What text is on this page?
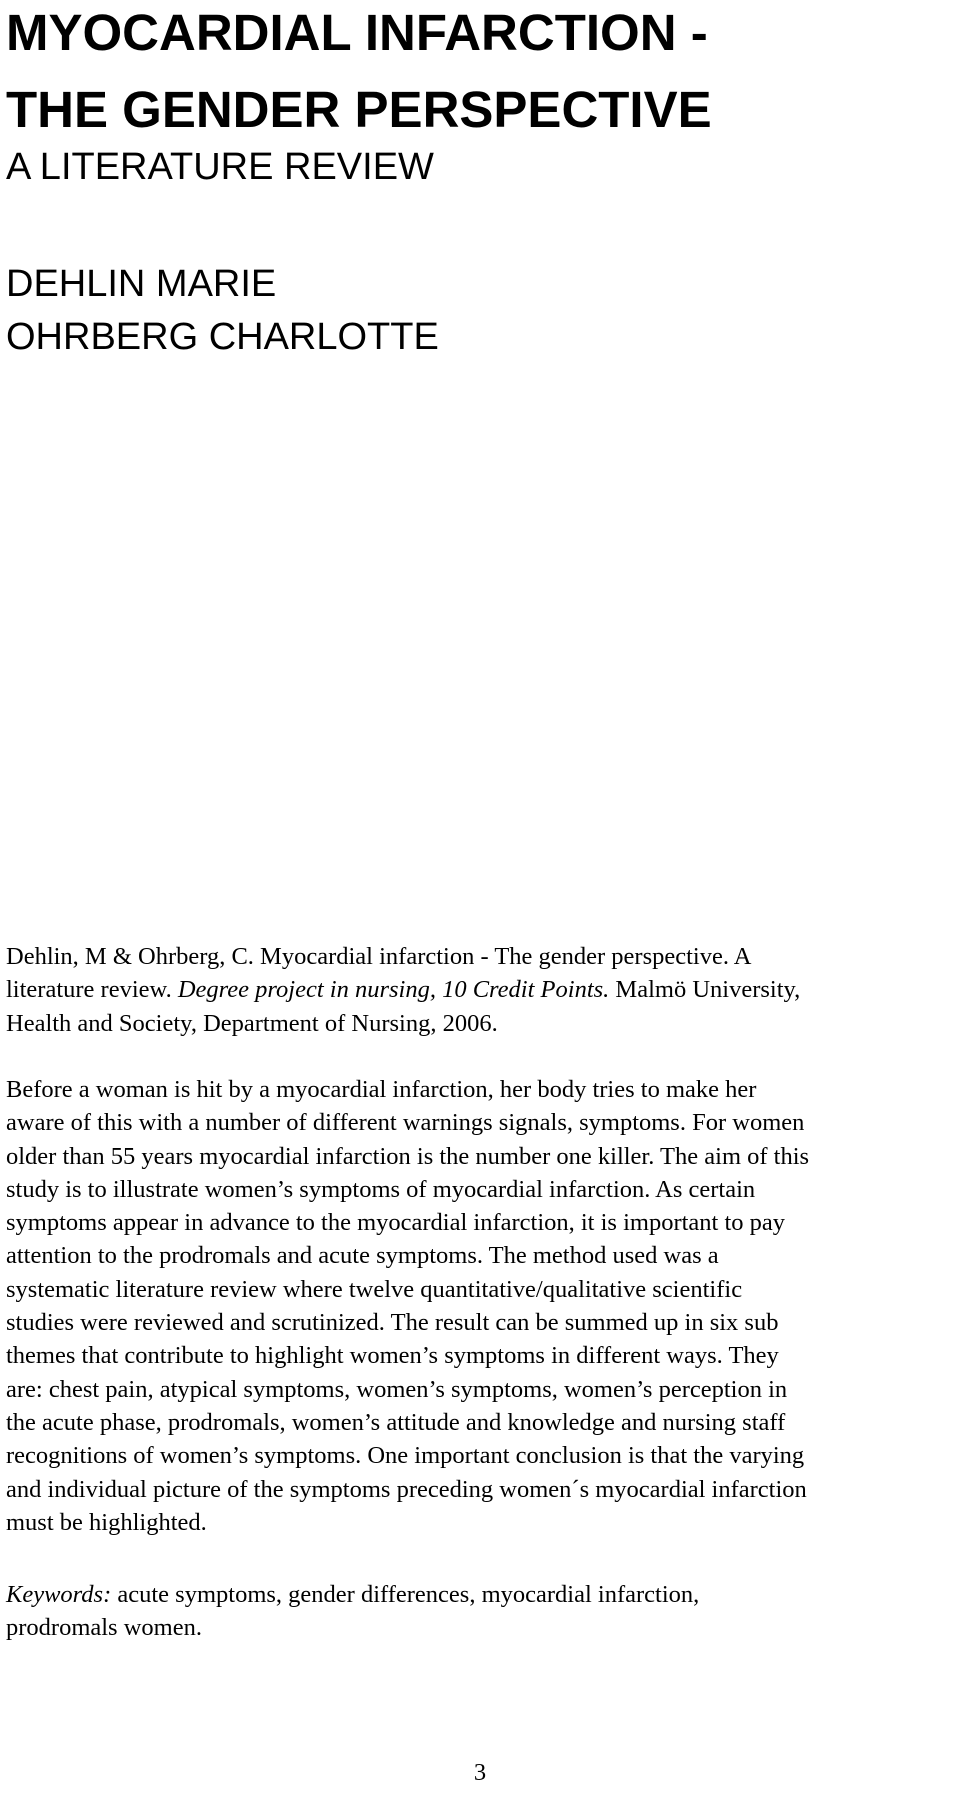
MYOCARDIAL INFARCTION -
THE GENDER PERSPECTIVE
A LITERATURE REVIEW
DEHLIN MARIE
OHRBERG CHARLOTTE
Dehlin, M & Ohrberg, C. Myocardial infarction - The gender perspective. A
literature review. Degree project in nursing, 10 Credit Points. Malmö University,
Health and Society, Department of Nursing, 2006.
Before a woman is hit by a myocardial infarction, her body tries to make her
aware of this with a number of different warnings signals, symptoms. For women
older than 55 years myocardial infarction is the number one killer. The aim of this
study is to illustrate women’s symptoms of myocardial infarction. As certain
symptoms appear in advance to the myocardial infarction, it is important to pay
attention to the prodromals and acute symptoms. The method used was a
systematic literature review where twelve quantitative/qualitative scientific
studies were reviewed and scrutinized. The result can be summed up in six sub
themes that contribute to highlight women’s symptoms in different ways. They
are: chest pain, atypical symptoms, women’s symptoms, women’s perception in
the acute phase, prodromals, women’s attitude and knowledge and nursing staff
recognitions of women’s symptoms. One important conclusion is that the varying
and individual picture of the symptoms preceding women´s myocardial infarction
must be highlighted.
Keywords: acute symptoms, gender differences, myocardial infarction,
prodromals women.
3
